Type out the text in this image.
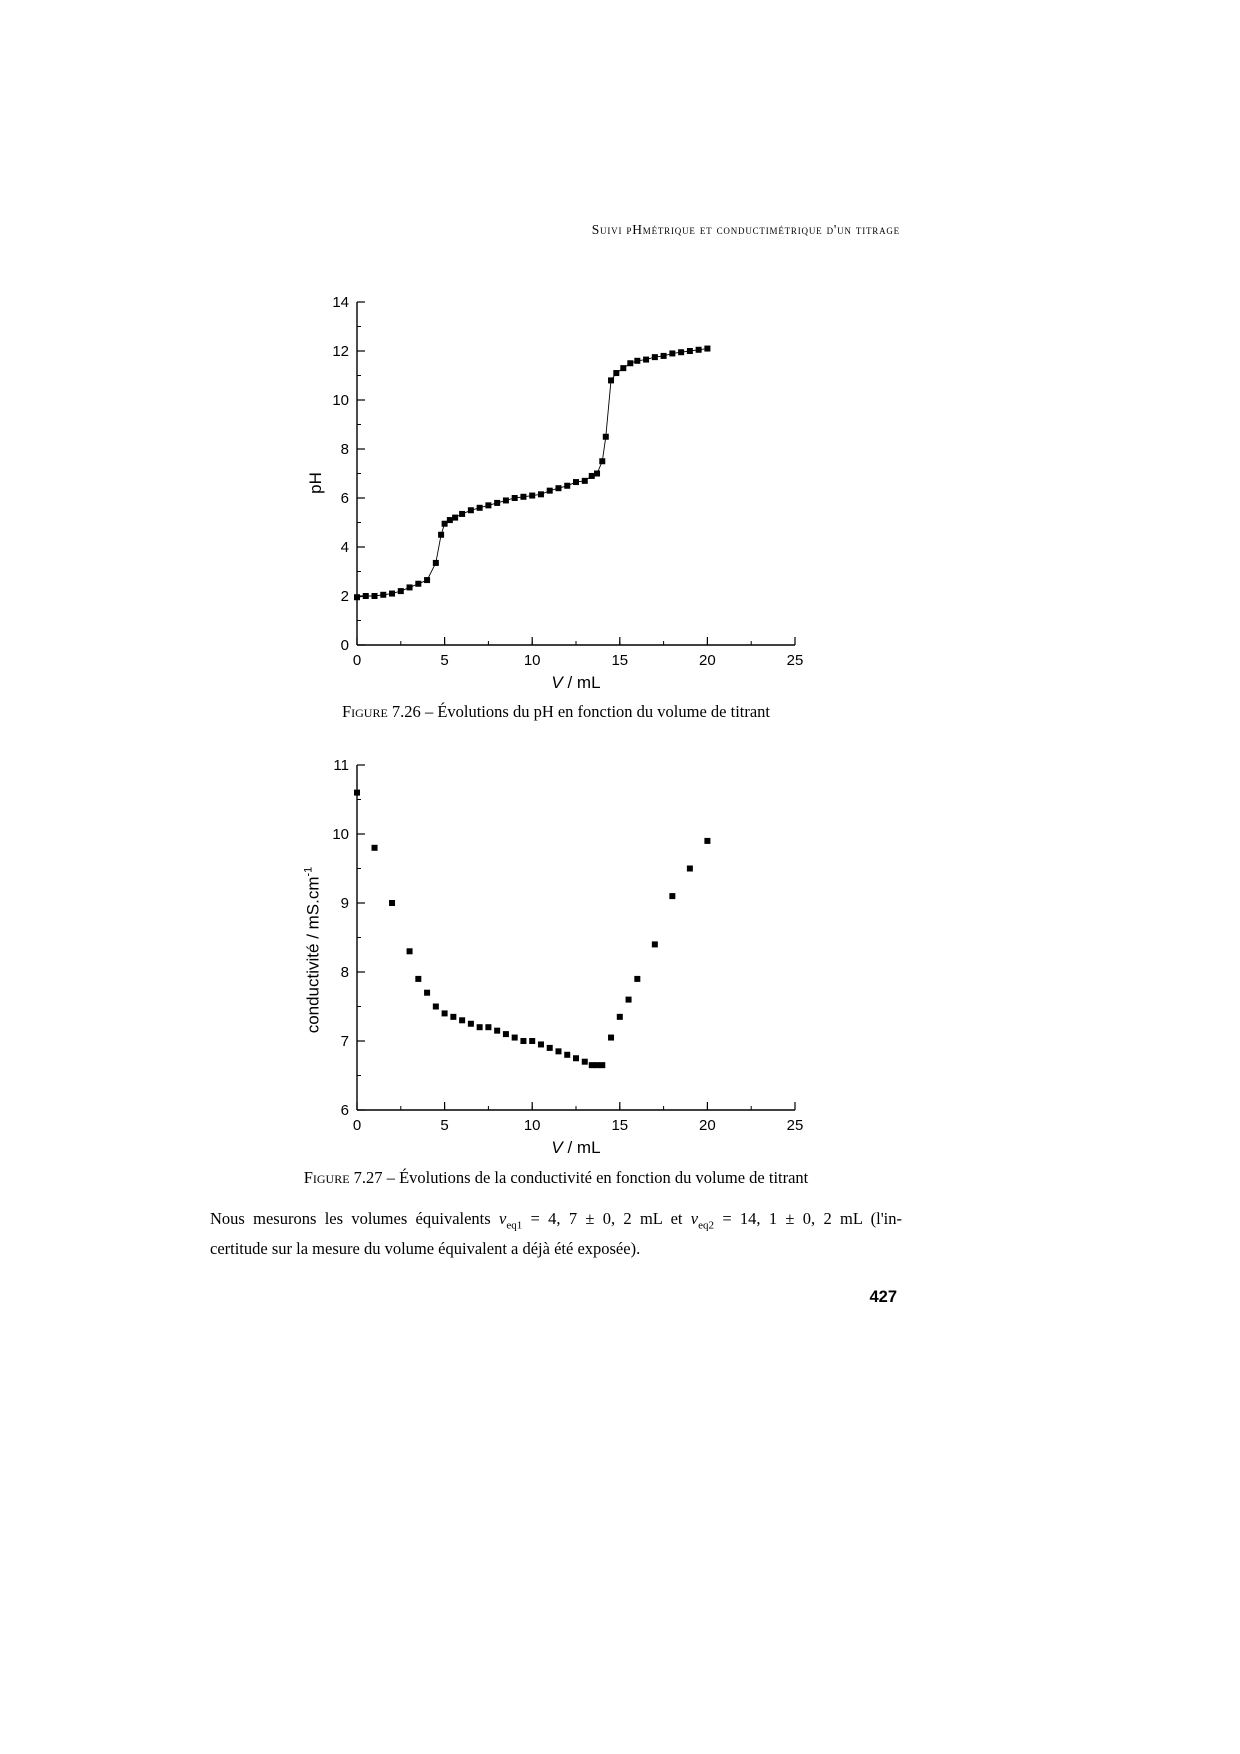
Suivi pHmétrique et conductimétrique d'un titrage
0	5	10	15	20	25
0
2
4
6
8
10
12
14
pH
V / mL
Figure 7.26 – Évolutions du pH en fonction du volume de titrant
0	5	10	15	20	25
6
7
8
9
10
11
conductivité / $mS.cm^{-1}$
V / mL
Figure 7.27 – Évolutions de la conductivité en fonction du volume de titrant
Nous mesurons les volumes équivalents $v_{eq1} = 4$, 7 ± 0, 2 mL et $v_{eq2} = 14$, 1 ± 0, 2 mL (l'in-
certitude sur la mesure du volume équivalent a déjà été exposée).
427
